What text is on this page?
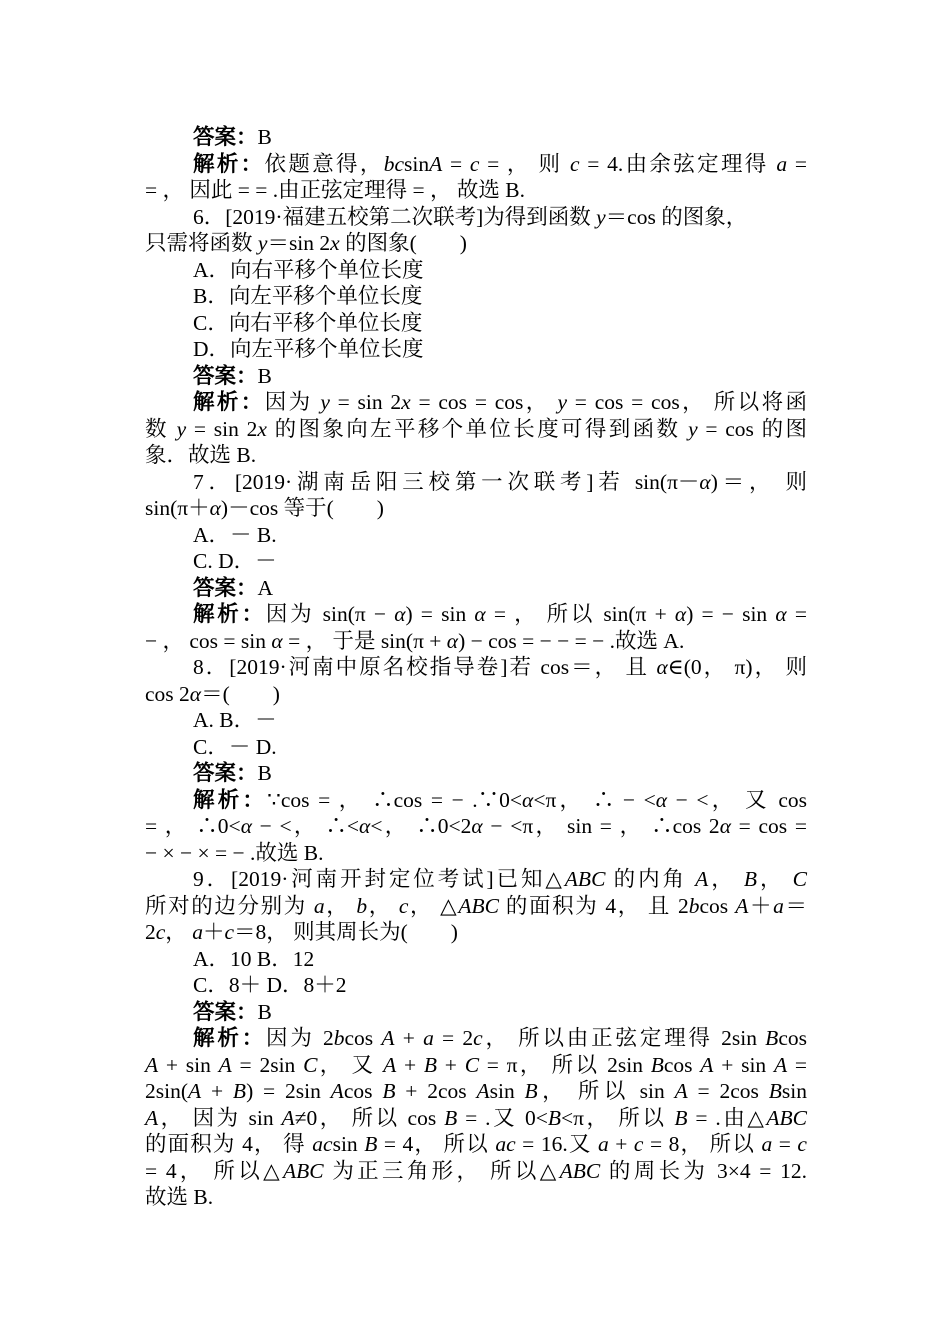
答案：B
解析：依题意得，bcsinA = c = ， 则 c = 4.由余弦定理得 a =
= ， 因此 = = .由正弦定理得 = ， 故选 B.
6．[2019·福建五校第二次联考]为得到函数 y＝cos 的图象，
只需将函数 y＝sin 2x 的图象(　　)
A．向右平移个单位长度
B．向左平移个单位长度
C．向右平移个单位长度
D．向左平移个单位长度
答案：B
解析：因为 y = sin 2x = cos = cos， y = cos = cos， 所以将函
数 y = sin 2x 的图象向左平移个单位长度可得到函数 y = cos 的图
象．故选 B.
7．[2019·湖南岳阳三校第一次联考]若 sin(π－α)＝， 则
sin(π＋α)－cos 等于(　　)
A．－ B.
C. D．－
答案：A
解析：因为 sin(π − α) = sin α = ， 所以 sin(π + α) = − sin α =
− ， cos = sin α = ， 于是 sin(π + α) − cos = − − = − .故选 A.
8．[2019·河南中原名校指导卷]若 cos＝， 且 α∈(0， π)， 则
cos 2α＝(　　)
A. B．－
C．－ D.
答案：B
解析：∵cos = ， ∴cos = − .∵0<α<π， ∴ − <α − <， 又 cos
= ， ∴0<α − <， ∴<α<， ∴0<2α − <π， sin = ， ∴cos 2α = cos =
− × − × = − .故选 B.
9．[2019·河南开封定位考试]已知△ABC 的内角 A， B， C
所对的边分别为 a， b， c， △ABC 的面积为 4， 且 2bcos A＋a＝
2c， a＋c＝8， 则其周长为(　　)
A．10 B．12
C．8＋ D．8＋2
答案：B
解析：因为 2bcos A + a = 2c， 所以由正弦定理得 2sin Bcos
A + sin A = 2sin C， 又 A + B + C = π， 所以 2sin Bcos A + sin A =
2sin(A + B) = 2sin Acos B + 2cos Asin B， 所以 sin A = 2cos Bsin
A， 因为 sin A≠0， 所以 cos B = .又 0<B<π， 所以 B = .由△ABC
的面积为 4， 得 acsin B = 4， 所以 ac = 16.又 a + c = 8， 所以 a = c
= 4， 所以△ABC 为正三角形， 所以△ABC 的周长为 3×4 = 12.
故选 B.
